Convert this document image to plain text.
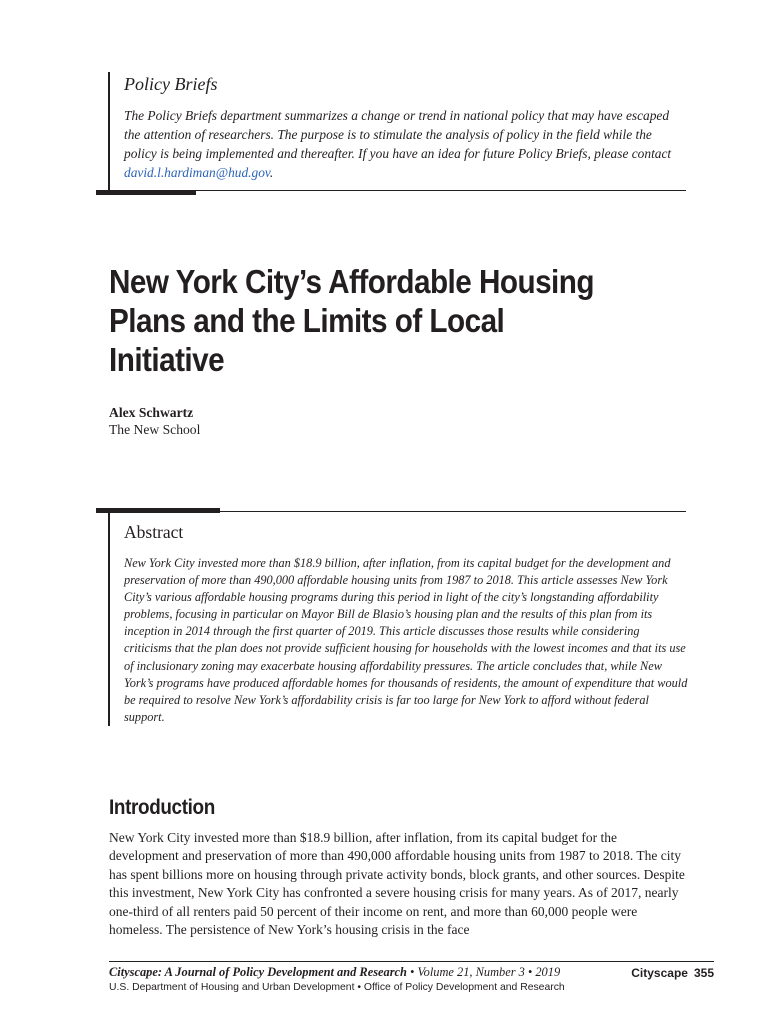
Policy Briefs

The Policy Briefs department summarizes a change or trend in national policy that may have escaped the attention of researchers. The purpose is to stimulate the analysis of policy in the field while the policy is being implemented and thereafter. If you have an idea for future Policy Briefs, please contact david.l.hardiman@hud.gov.

New York City’s Affordable Housing Plans and the Limits of Local Initiative

Alex Schwartz

The New School

Abstract

New York City invested more than $18.9 billion, after inflation, from its capital budget for the development and preservation of more than 490,000 affordable housing units from 1987 to 2018. This article assesses New York City’s various affordable housing programs during this period in light of the city’s longstanding affordability problems, focusing in particular on Mayor Bill de Blasio’s housing plan and the results of this plan from its inception in 2014 through the first quarter of 2019. This article discusses those results while considering criticisms that the plan does not provide sufficient housing for households with the lowest incomes and that its use of inclusionary zoning may exacerbate housing affordability pressures. The article concludes that, while New York’s programs have produced affordable homes for thousands of residents, the amount of expenditure that would be required to resolve New York’s affordability crisis is far too large for New York to afford without federal support.

Introduction

New York City invested more than $18.9 billion, after inflation, from its capital budget for the development and preservation of more than 490,000 affordable housing units from 1987 to 2018. The city has spent billions more on housing through private activity bonds, block grants, and other sources. Despite this investment, New York City has confronted a severe housing crisis for many years. As of 2017, nearly one-third of all renters paid 50 percent of their income on rent, and more than 60,000 people were homeless. The persistence of New York’s housing crisis in the face

Cityscape: A Journal of Policy Development and Research • Volume 21, Number 3 • 2019	Cityscape 355

U.S. Department of Housing and Urban Development • Office of Policy Development and Research
